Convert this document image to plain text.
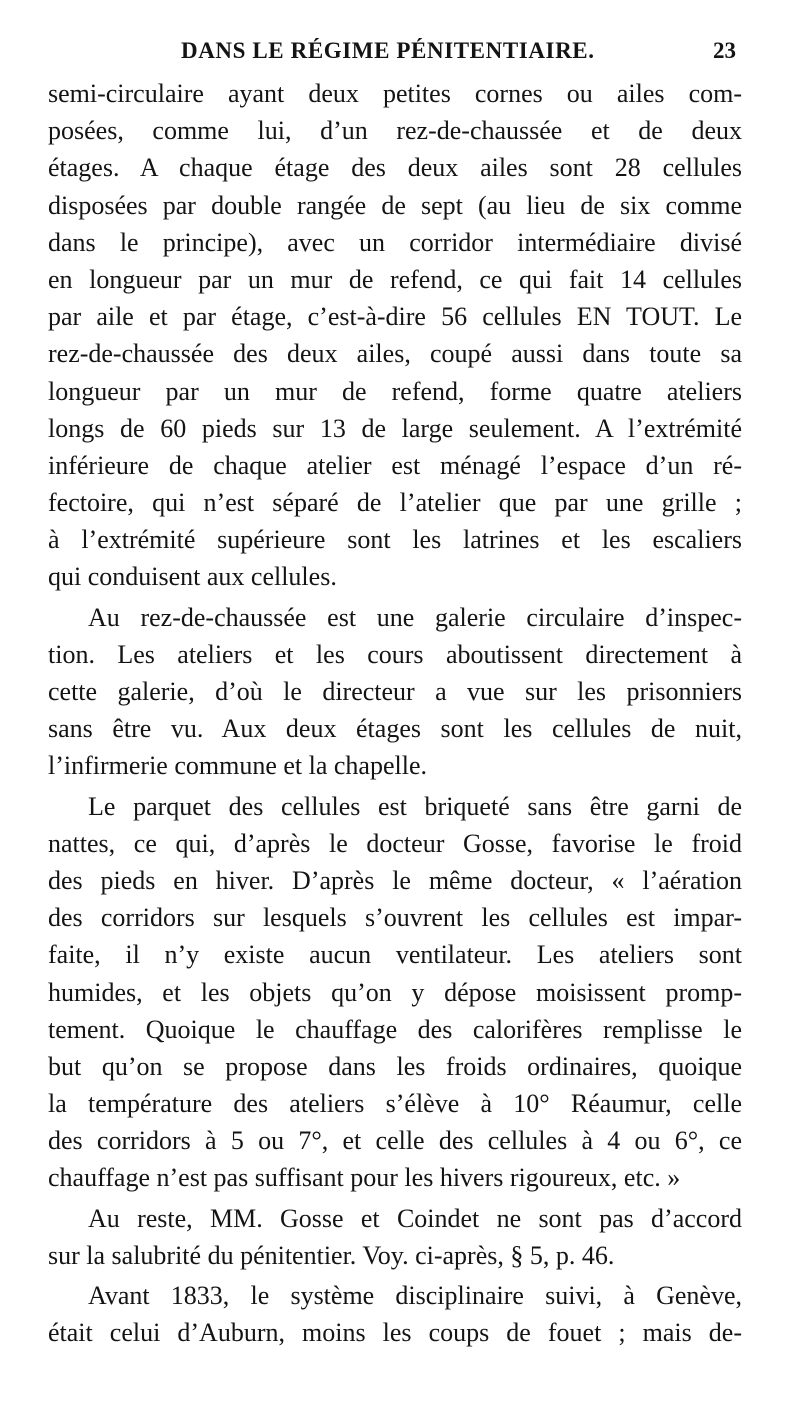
DANS LE RÉGIME PÉNITENTIAIRE.	23
semi-circulaire ayant deux petites cornes ou ailes com-
posées, comme lui, d’un rez-de-chaussée et de deux
étages. A chaque étage des deux ailes sont 28 cellules
disposées par double rangée de sept (au lieu de six comme
dans le principe), avec un corridor intermédiaire divisé
en longueur par un mur de refend, ce qui fait 14 cellules
par aile et par étage, c’est-à-dire 56 cellules EN TOUT. Le
rez-de-chaussée des deux ailes, coupé aussi dans toute sa
longueur par un mur de refend, forme quatre ateliers
longs de 60 pieds sur 13 de large seulement. A l’extrémité
inférieure de chaque atelier est ménagé l’espace d’un ré-
fectoire, qui n’est séparé de l’atelier que par une grille ;
à l’extrémité supérieure sont les latrines et les escaliers
qui conduisent aux cellules.
Au rez-de-chaussée est une galerie circulaire d’inspec-
tion. Les ateliers et les cours aboutissent directement à
cette galerie, d’où le directeur a vue sur les prisonniers
sans être vu. Aux deux étages sont les cellules de nuit,
l’infirmerie commune et la chapelle.
Le parquet des cellules est briqueté sans être garni de
nattes, ce qui, d’après le docteur Gosse, favorise le froid
des pieds en hiver. D’après le même docteur, « l’aération
des corridors sur lesquels s’ouvrent les cellules est impar-
faite, il n’y existe aucun ventilateur. Les ateliers sont
humides, et les objets qu’on y dépose moisissent promp-
tement. Quoique le chauffage des calorifères remplisse le
but qu’on se propose dans les froids ordinaires, quoique
la température des ateliers s’élève à 10° Réaumur, celle
des corridors à 5 ou 7°, et celle des cellules à 4 ou 6°, ce
chauffage n’est pas suffisant pour les hivers rigoureux, etc. »
Au reste, MM. Gosse et Coindet ne sont pas d’accord
sur la salubrité du pénitentier. Voy. ci-après, § 5, p. 46.
Avant 1833, le système disciplinaire suivi, à Genève,
était celui d’Auburn, moins les coups de fouet ; mais de-
